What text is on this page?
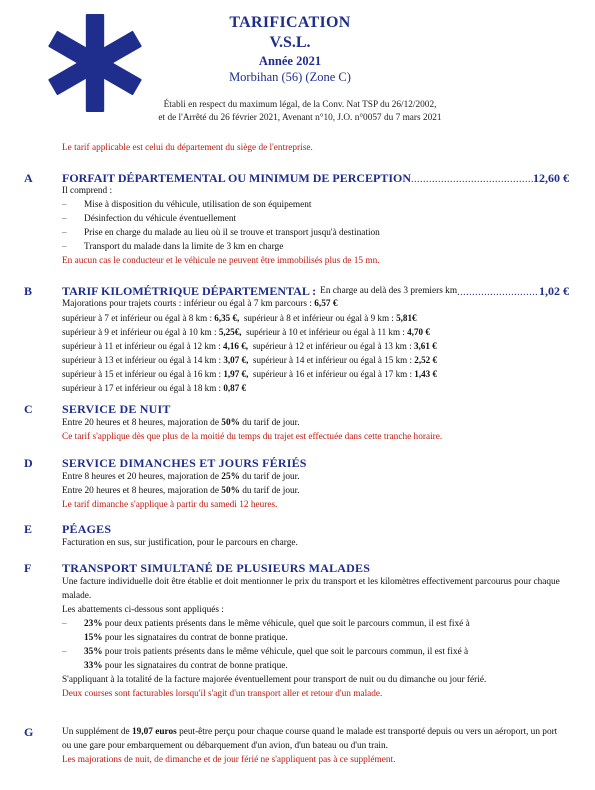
TARIFICATION
V.S.L.
Année 2021
Morbihan (56) (Zone C)
Établi en respect du maximum légal, de la Conv. Nat TSP du 26/12/2002,
et de l'Arrêté du 26 février 2021, Avenant n°10, J.O. n°0057 du 7 mars 2021
Le tarif applicable est celui du département du siège de l'entreprise.
A FORFAIT DÉPARTEMENTAL OU MINIMUM DE PERCEPTION .....	12,60 €

Il comprend :

– Mise à disposition du véhicule, utilisation de son équipement

– Désinfection du véhicule éventuellement

– Prise en charge du malade au lieu où il se trouve et transport jusqu'à destination

– Transport du malade dans la limite de 3 km en charge

En aucun cas le conducteur et le véhicule ne peuvent être immobilisés plus de 15 mn.

B TARIF KILOMÉTRIQUE DÉPARTEMENTAL : En charge au delà des 3 premiers km .....	1,02 €

Majorations pour trajets courts : inférieur ou égal à 7 km parcours : 6,57 €

supérieur à 7 et inférieur ou égal à 8 km : 6,35 €,  supérieur à 8 et inférieur ou égal à 9 km : 5,81€

supérieur à 9 et inférieur ou égal à 10 km : 5,25€,  supérieur à 10 et inférieur ou égal à 11 km : 4,70 €

supérieur à 11 et inférieur ou égal à 12 km : 4,16 €,  supérieur à 12 et inférieur ou égal à 13 km : 3,61 €

supérieur à 13 et inférieur ou égal à 14 km : 3,07 €,  supérieur à 14 et inférieur ou égal à 15 km : 2,52 €

supérieur à 15 et inférieur ou égal à 16 km : 1,97 €,  supérieur à 16 et inférieur ou égal à 17 km : 1,43 €

supérieur à 17 et inférieur ou égal à 18 km : 0,87 €

C SERVICE DE NUIT

Entre 20 heures et 8 heures, majoration de 50% du tarif de jour.

Ce tarif s'applique dès que plus de la moitié du temps du trajet est effectuée dans cette tranche horaire.

D SERVICE DIMANCHES ET JOURS FÉRIÉS

Entre 8 heures et 20 heures, majoration de 25% du tarif de jour.

Entre 20 heures et 8 heures, majoration de 50% du tarif de jour.

Le tarif dimanche s'applique à partir du samedi 12 heures.

E PÉAGES

Facturation en sus, sur justification, pour le parcours en charge.

F	TRANSPORT SIMULTANÉ DE PLUSIEURS MALADES

Une facture individuelle doit être établie et doit mentionner le prix du transport et les kilomètres effectivement parcourus pour chaque malade.

Les abattements ci-dessous sont appliqués :

– 23% pour deux patients présents dans le même véhicule, quel que soit le parcours commun, il est fixé à
15% pour les signataires du contrat de bonne pratique.

– 35% pour trois patients présents dans le même véhicule, quel que soit le parcours commun, il est fixé à
33% pour les signataires du contrat de bonne pratique.

S'appliquant à la totalité de la facture majorée éventuellement pour transport de nuit ou du dimanche ou jour férié.

Deux courses sont facturables lorsqu'il s'agit d'un transport aller et retour d'un malade.

G	Un supplément de 19,07 euros peut-être perçu pour chaque course quand le malade est transporté depuis ou vers un aéroport, un port ou une gare pour embarquement ou débarquement d'un avion, d'un bateau ou d'un train.

Les majorations de nuit, de dimanche et de jour férié ne s'appliquent pas à ce supplément.
